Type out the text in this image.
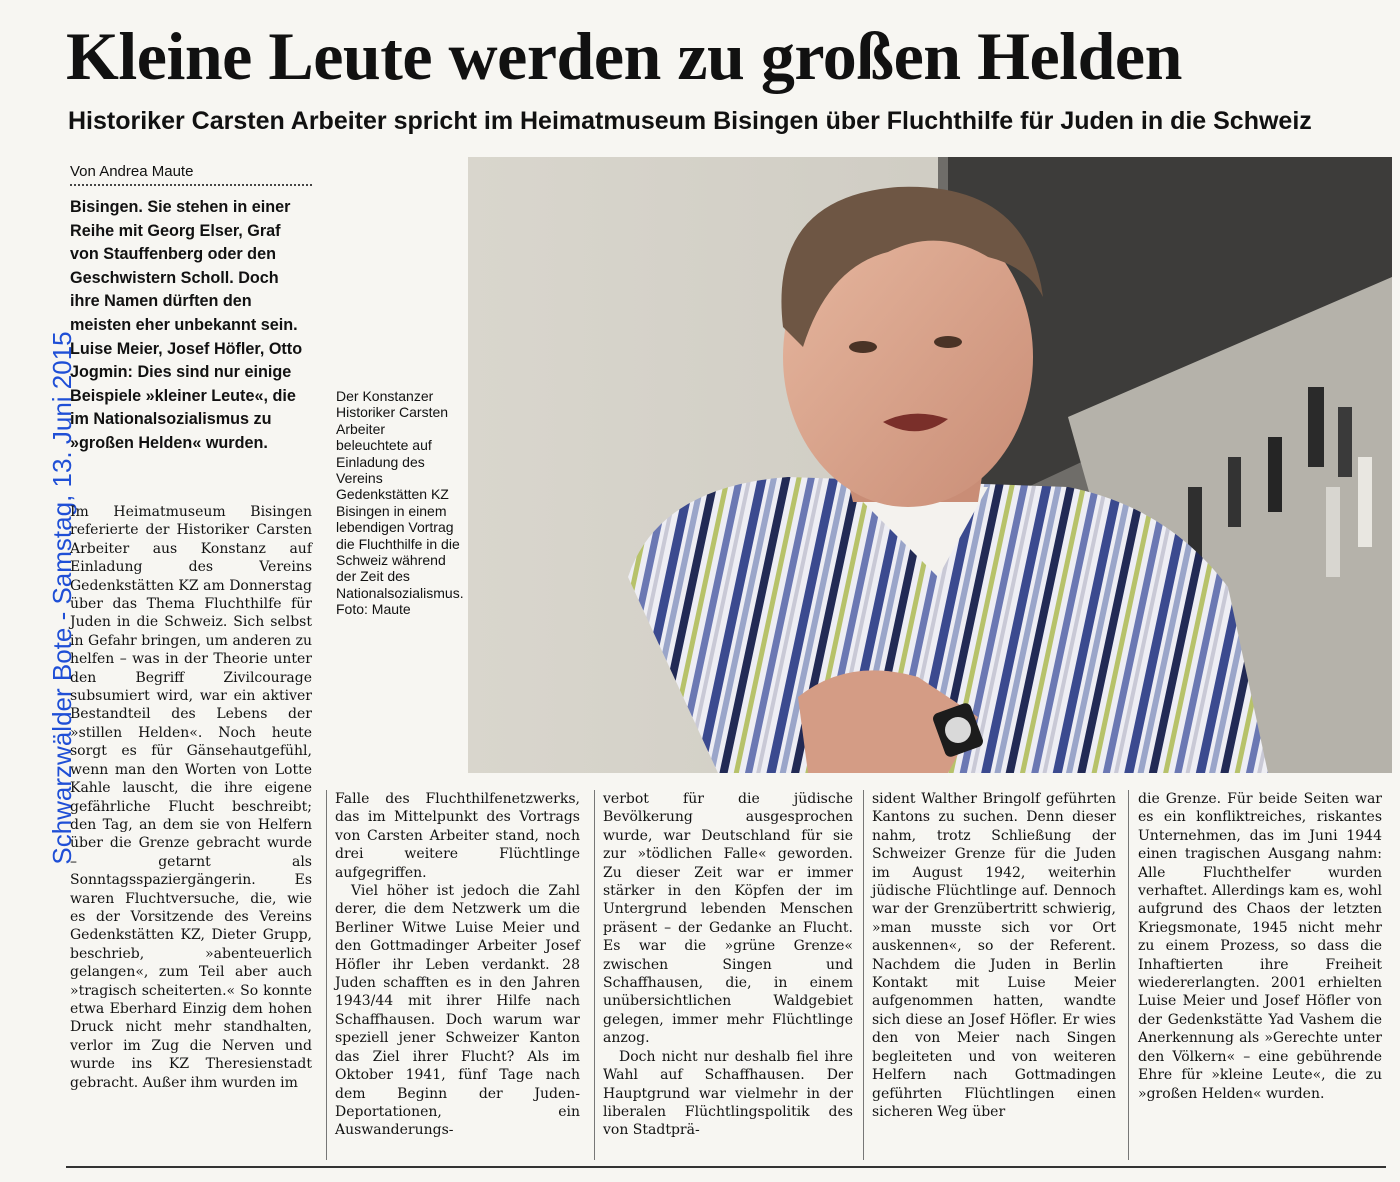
Kleine Leute werden zu großen Helden
Historiker Carsten Arbeiter spricht im Heimatmuseum Bisingen über Fluchthilfe für Juden in die Schweiz
Schwarzwälder Bote - Samstag, 13. Juni 2015
Von Andrea Maute
Bisingen. Sie stehen in einer Reihe mit Georg Elser, Graf von Stauffenberg oder den Geschwistern Scholl. Doch ihre Namen dürften den meisten eher unbekannt sein. Luise Meier, Josef Höfler, Otto Jogmin: Dies sind nur einige Beispiele »kleiner Leute«, die im Nationalsozialismus zu »großen Helden« wurden.

Im Heimatmuseum Bisingen referierte der Historiker Carsten Arbeiter aus Konstanz auf Einladung des Vereins Gedenkstätten KZ am Donnerstag über das Thema Fluchthilfe für Juden in die Schweiz. Sich selbst in Gefahr bringen, um anderen zu helfen – was in der Theorie unter den Begriff Zivilcourage subsumiert wird, war ein aktiver Bestandteil des Lebens der »stillen Helden«. Noch heute sorgt es für Gänsehautgefühl, wenn man den Worten von Lotte Kahle lauscht, die ihre eigene gefährliche Flucht beschreibt; den Tag, an dem sie von Helfern über die Grenze gebracht wurde – getarnt als Sonntagsspaziergängerin. Es waren Fluchtversuche, die, wie es der Vorsitzende des Vereins Gedenkstätten KZ, Dieter Grupp, beschrieb, »abenteuerlich gelangen«, zum Teil aber auch »tragisch scheiterten.« So konnte etwa Eberhard Einzig dem hohen Druck nicht mehr standhalten, verlor im Zug die Nerven und wurde ins KZ Theresienstadt gebracht. Außer ihm wurden im

Der Konstanzer Historiker Carsten Arbeiter beleuchtete auf Einladung des Vereins Gedenkstätten KZ Bisingen in einem lebendigen Vortrag die Fluchthilfe in die Schweiz während der Zeit des Nationalsozialismus. Foto: Maute

Falle des Fluchthilfenetzwerks, das im Mittelpunkt des Vortrags von Carsten Arbeiter stand, noch drei weitere Flüchtlinge aufgegriffen.

Viel höher ist jedoch die Zahl derer, die dem Netzwerk um die Berliner Witwe Luise Meier und den Gottmadinger Arbeiter Josef Höfler ihr Leben verdankt. 28 Juden schafften es in den Jahren 1943/44 mit ihrer Hilfe nach Schaffhausen. Doch warum war speziell jener Schweizer Kanton das Ziel ihrer Flucht? Als im Oktober 1941, fünf Tage nach dem Beginn der Juden-Deportationen, ein Auswanderungs-

verbot für die jüdische Bevölkerung ausgesprochen wurde, war Deutschland für sie zur »tödlichen Falle« geworden. Zu dieser Zeit war er immer stärker in den Köpfen der im Untergrund lebenden Menschen präsent – der Gedanke an Flucht. Es war die »grüne Grenze« zwischen Singen und Schaffhausen, die, in einem unübersichtlichen Waldgebiet gelegen, immer mehr Flüchtlinge anzog.

Doch nicht nur deshalb fiel ihre Wahl auf Schaffhausen. Der Hauptgrund war vielmehr in der liberalen Flüchtlingspolitik des von Stadtprä-

sident Walther Bringolf geführten Kantons zu suchen. Denn dieser nahm, trotz Schließung der Schweizer Grenze für die Juden im August 1942, weiterhin jüdische Flüchtlinge auf. Dennoch war der Grenzübertritt schwierig, »man musste sich vor Ort auskennen«, so der Referent. Nachdem die Juden in Berlin Kontakt mit Luise Meier aufgenommen hatten, wandte sich diese an Josef Höfler. Er wies den von Meier nach Singen begleiteten und von weiteren Helfern nach Gottmadingen geführten Flüchtlingen einen sicheren Weg über

die Grenze. Für beide Seiten war es ein konfliktreiches, riskantes Unternehmen, das im Juni 1944 einen tragischen Ausgang nahm: Alle Fluchthelfer wurden verhaftet. Allerdings kam es, wohl aufgrund des Chaos der letzten Kriegsmonate, 1945 nicht mehr zu einem Prozess, so dass die Inhaftierten ihre Freiheit wiedererlangten. 2001 erhielten Luise Meier und Josef Höfler von der Gedenkstätte Yad Vashem die Anerkennung als »Gerechte unter den Völkern« – eine gebührende Ehre für »kleine Leute«, die zu »großen Helden« wurden.
